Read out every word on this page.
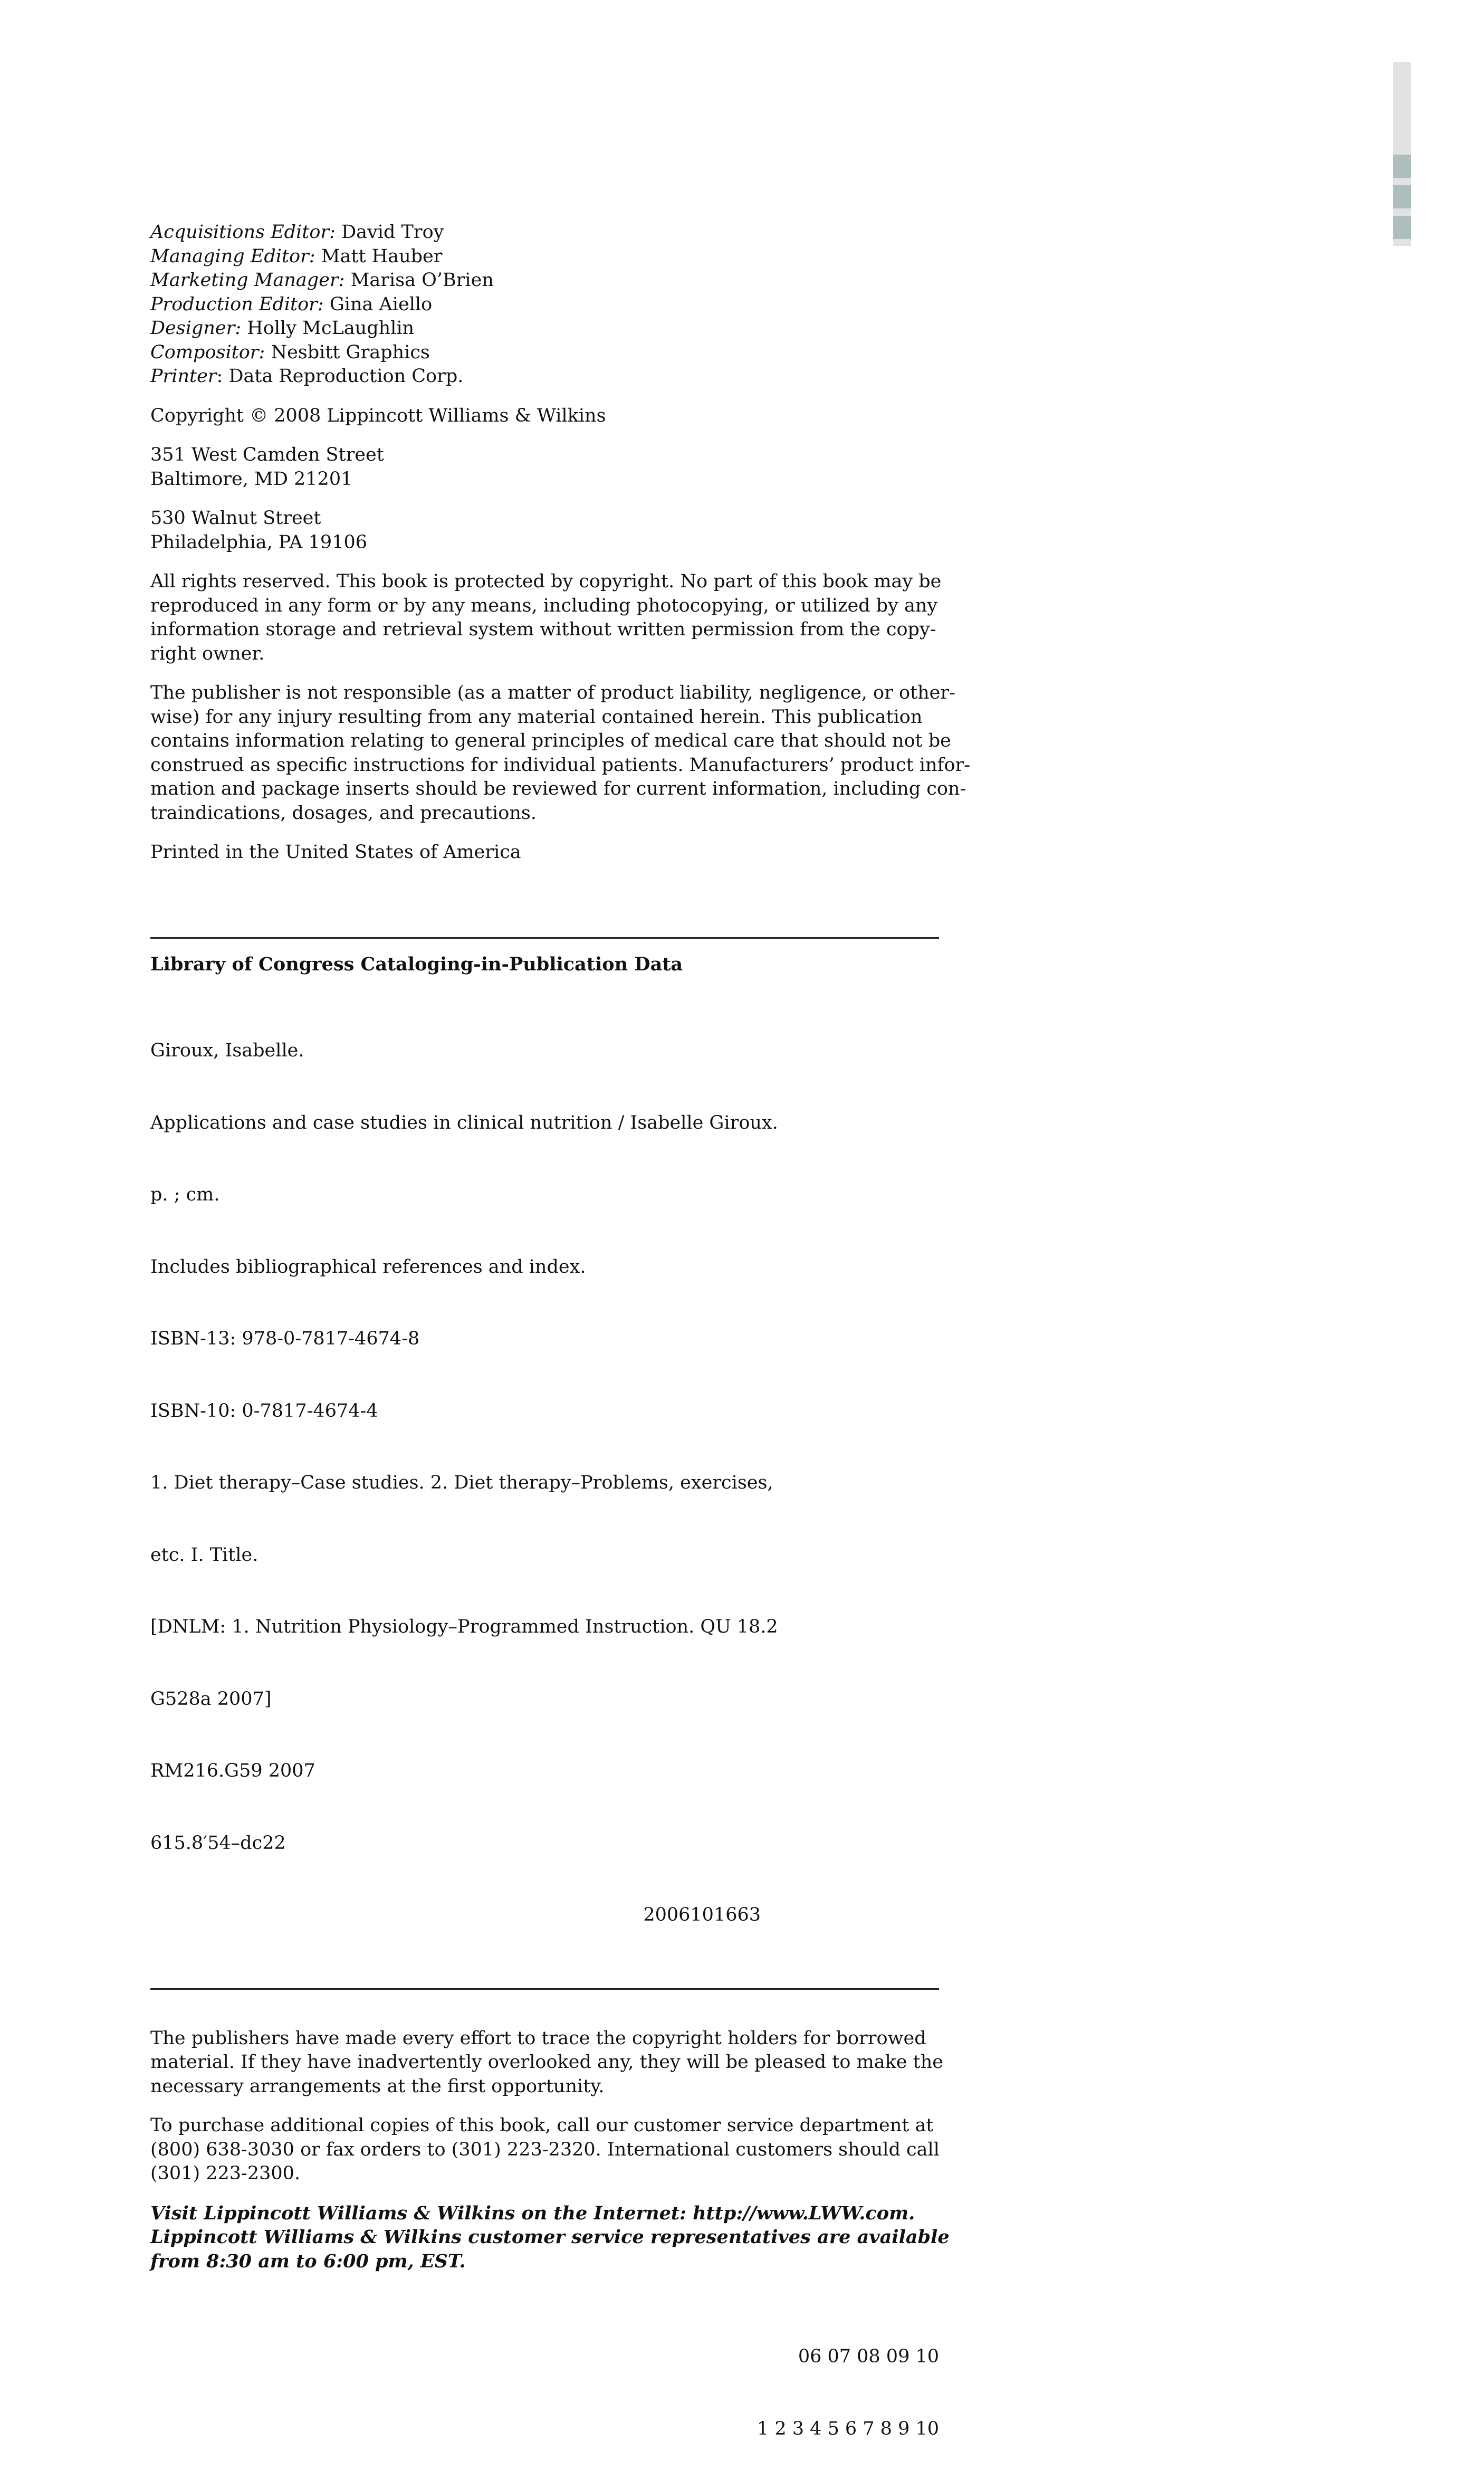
Acquisitions Editor: David Troy
Managing Editor: Matt Hauber
Marketing Manager: Marisa O’Brien
Production Editor: Gina Aiello
Designer: Holly McLaughlin
Compositor: Nesbitt Graphics
Printer: Data Reproduction Corp.
Copyright © 2008 Lippincott Williams & Wilkins
351 West Camden Street
Baltimore, MD 21201
530 Walnut Street
Philadelphia, PA 19106
All rights reserved. This book is protected by copyright. No part of this book may be
reproduced in any form or by any means, including photocopying, or utilized by any
information storage and retrieval system without written permission from the copy-
right owner.
The publisher is not responsible (as a matter of product liability, negligence, or other-
wise) for any injury resulting from any material contained herein. This publication
contains information relating to general principles of medical care that should not be
construed as specific instructions for individual patients. Manufacturers’ product infor-
mation and package inserts should be reviewed for current information, including con-
traindications, dosages, and precautions.
Printed in the United States of America
Library of Congress Cataloging-in-Publication Data

Giroux, Isabelle.

Applications and case studies in clinical nutrition / Isabelle Giroux.

p. ; cm.

Includes bibliographical references and index.

ISBN-13: 978-0-7817-4674-8

ISBN-10: 0-7817-4674-4

1. Diet therapy–Case studies. 2. Diet therapy–Problems, exercises,

etc. I. Title.

[DNLM: 1. Nutrition Physiology–Programmed Instruction. QU 18.2

G528a 2007]

RM216.G59 2007

615.8′54–dc22

2006101663

The publishers have made every effort to trace the copyright holders for borrowed
material. If they have inadvertently overlooked any, they will be pleased to make the
necessary arrangements at the first opportunity.
To purchase additional copies of this book, call our customer service department at
(800) 638-3030 or fax orders to (301) 223-2320. International customers should call
(301) 223-2300.
Visit Lippincott Williams & Wilkins on the Internet: http://www.LWW.com.
Lippincott Williams & Wilkins customer service representatives are available
from 8:30 am to 6:00 pm, EST.

06 07 08 09 10

1 2 3 4 5 6 7 8 9 10
